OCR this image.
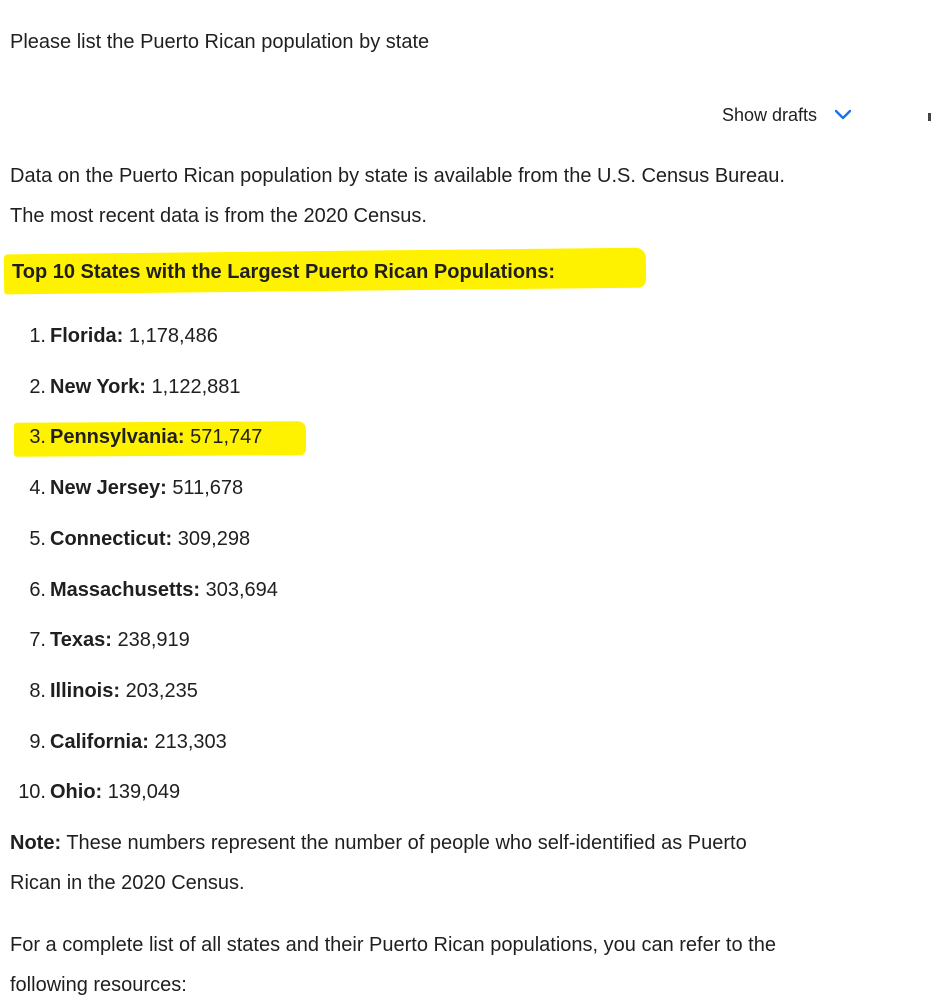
Please list the Puerto Rican population by state
Show drafts
Data on the Puerto Rican population by state is available from the U.S. Census Bureau.
The most recent data is from the 2020 Census.
Top 10 States with the Largest Puerto Rican Populations:
1. Florida: 1,178,486
2. New York: 1,122,881
3. Pennsylvania: 571,747
4. New Jersey: 511,678
5. Connecticut: 309,298
6. Massachusetts: 303,694
7. Texas: 238,919
8. Illinois: 203,235
9. California: 213,303
10. Ohio: 139,049
Note: These numbers represent the number of people who self-identified as Puerto
Rican in the 2020 Census.
For a complete list of all states and their Puerto Rican populations, you can refer to the
following resources:
